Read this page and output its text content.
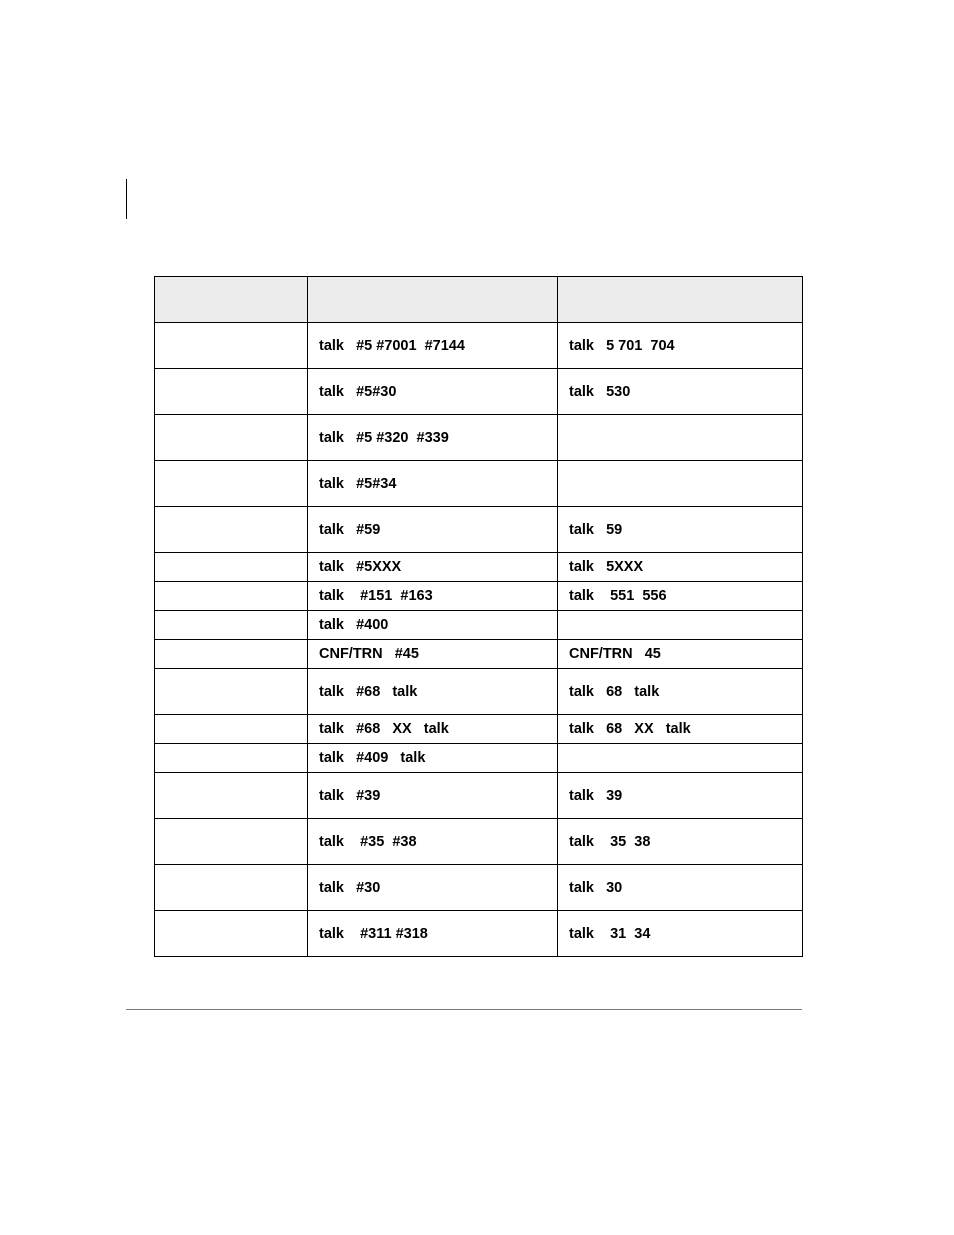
	talk   #5 #7001  #7144	talk   5 701  704
	talk   #5#30	talk   530
	talk   #5 #320  #339	
	talk   #5#34	
	talk   #59	talk   59
	talk   #5XXX	talk   5XXX
	talk    #151  #163	talk    551  556
	talk   #400	
	CNF/TRN   #45	CNF/TRN   45
	talk   #68   talk	talk   68   talk
	talk   #68   XX   talk	talk   68   XX   talk
	talk   #409   talk	
	talk   #39	talk   39
	talk    #35  #38	talk    35  38
	talk   #30	talk   30
	talk    #311 #318	talk    31  34
